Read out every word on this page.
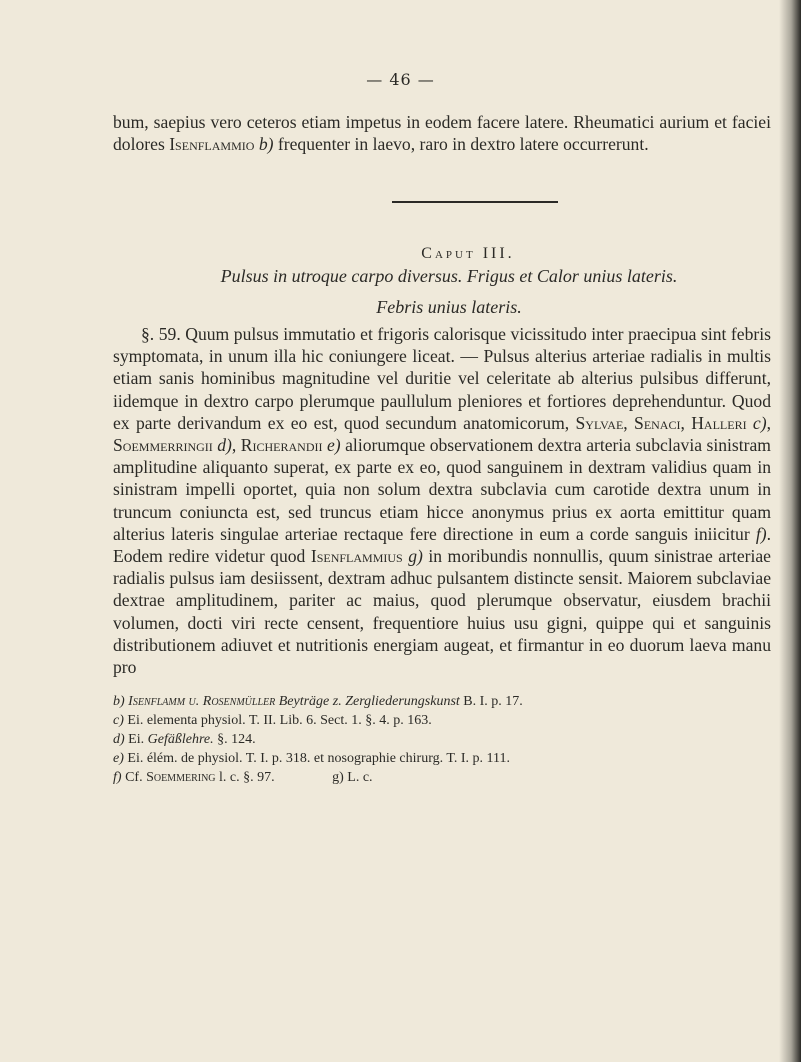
— 46 —

bum, saepius vero ceteros etiam impetus in eodem facere latere. Rheumatici aurium et faciei dolores Isenflammio b) frequenter in laevo, raro in dextro latere occurrerunt.

Caput III.
Pulsus in utroque carpo diversus. Frigus et Calor unius lateris.
Febris unius lateris.

§. 59. Quum pulsus immutatio et frigoris calorisque vicissitudo inter praecipua sint febris symptomata, in unum illa hic coniungere liceat. — Pulsus alterius arteriae radialis in multis etiam sanis hominibus magnitudine vel duritie vel celeritate ab alterius pulsibus differunt, iidemque in dextro carpo plerumque paullulum pleniores et fortiores deprehenduntur. Quod ex parte derivandum ex eo est, quod secundum anatomicorum, Sylvae, Senaci, Halleri c), Soemmerringii d), Richerandii e) aliorumque observationem dextra arteria subclavia sinistram amplitudine aliquanto superat, ex parte ex eo, quod sanguinem in dextram validius quam in sinistram impelli oportet, quia non solum dextra subclavia cum carotide dextra unum in truncum coniuncta est, sed truncus etiam hicce anonymus prius ex aorta emittitur quam alterius lateris singulae arteriae rectaque fere directione in eum a corde sanguis iniicitur f). Eodem redire videtur quod Isenflammius g) in moribundis nonnullis, quum sinistrae arteriae radialis pulsus iam desiissent, dextram adhuc pulsantem distincte sensit. Maiorem subclaviae dextrae amplitudinem, pariter ac maius, quod plerumque observatur, eiusdem brachii volumen, docti viri recte censent, frequentiore huius usu gigni, quippe qui et sanguinis distributionem adiuvet et nutritionis energiam augeat, et firmantur in eo duorum laeva manu pro

b) Isenflamm u. Rosenmüller Beyträge z. Zergliederungskunst B. I. p. 17.
c) Ei. elementa physiol. T. II. Lib. 6. Sect. 1. §. 4. p. 163.
d) Ei. Gefäßlehre. §. 124.
e) Ei. élém. de physiol. T. I. p. 318. et nosographie chirurg. T. I. p. 111.
f) Cf. Soemmering l. c. §. 97.	g) L. c.
